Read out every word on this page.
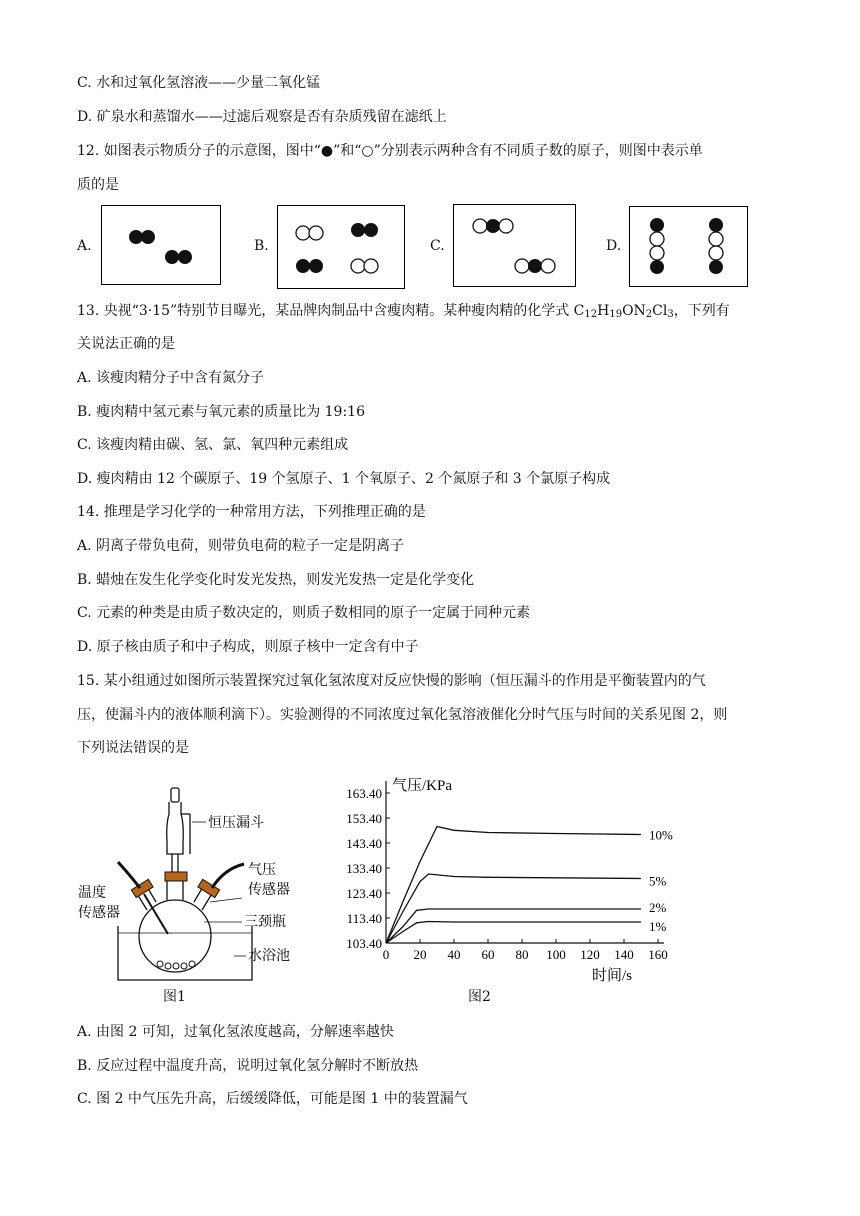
C. 水和过氧化氢溶液——少量二氧化锰
D. 矿泉水和蒸馏水——过滤后观察是否有杂质残留在滤纸上
12. 如图表示物质分子的示意图，图中“●”和“○”分别表示两种含有不同质子数的原子，则图中表示单
质的是
A.	B.	C.	D.
13. 央视“3·15”特别节目曝光，某品牌肉制品中含瘦肉精。某种瘦肉精的化学式 $C_{12}H_{19}ON_2Cl_3$，下列有
关说法正确的是
A. 该瘦肉精分子中含有氮分子
B. 瘦肉精中氢元素与氧元素的质量比为 19:16
C. 该瘦肉精由碳、氢、氯、氧四种元素组成
D. 瘦肉精由 12 个碳原子、19 个氢原子、1 个氧原子、2 个氮原子和 3 个氯原子构成
14. 推理是学习化学的一种常用方法，下列推理正确的是
A. 阴离子带负电荷，则带负电荷的粒子一定是阴离子
B. 蜡烛在发生化学变化时发光发热，则发光发热一定是化学变化
C. 元素的种类是由质子数决定的，则质子数相同的原子一定属于同种元素
D. 原子核由质子和中子构成，则原子核中一定含有中子
15. 某小组通过如图所示装置探究过氧化氢浓度对反应快慢的影响（恒压漏斗的作用是平衡装置内的气
压，使漏斗内的液体顺利滴下）。实验测得的不同浓度过氧化氢溶液催化分时气压与时间的关系见图 2，则
下列说法错误的是
恒压漏斗
气压
传感器
温度
传感器
三颈瓶
水浴池
图1
气压/KPa
时间/s
163.40
153.40
143.40
133.40
123.40
113.40
103.40
0 20 40 60 80 100 120 140 160
10%
5%
2%
1%
图2
A. 由图 2 可知，过氧化氢浓度越高，分解速率越快
B. 反应过程中温度升高，说明过氧化氢分解时不断放热
C. 图 2 中气压先升高，后缓缓降低，可能是图 1 中的装置漏气
